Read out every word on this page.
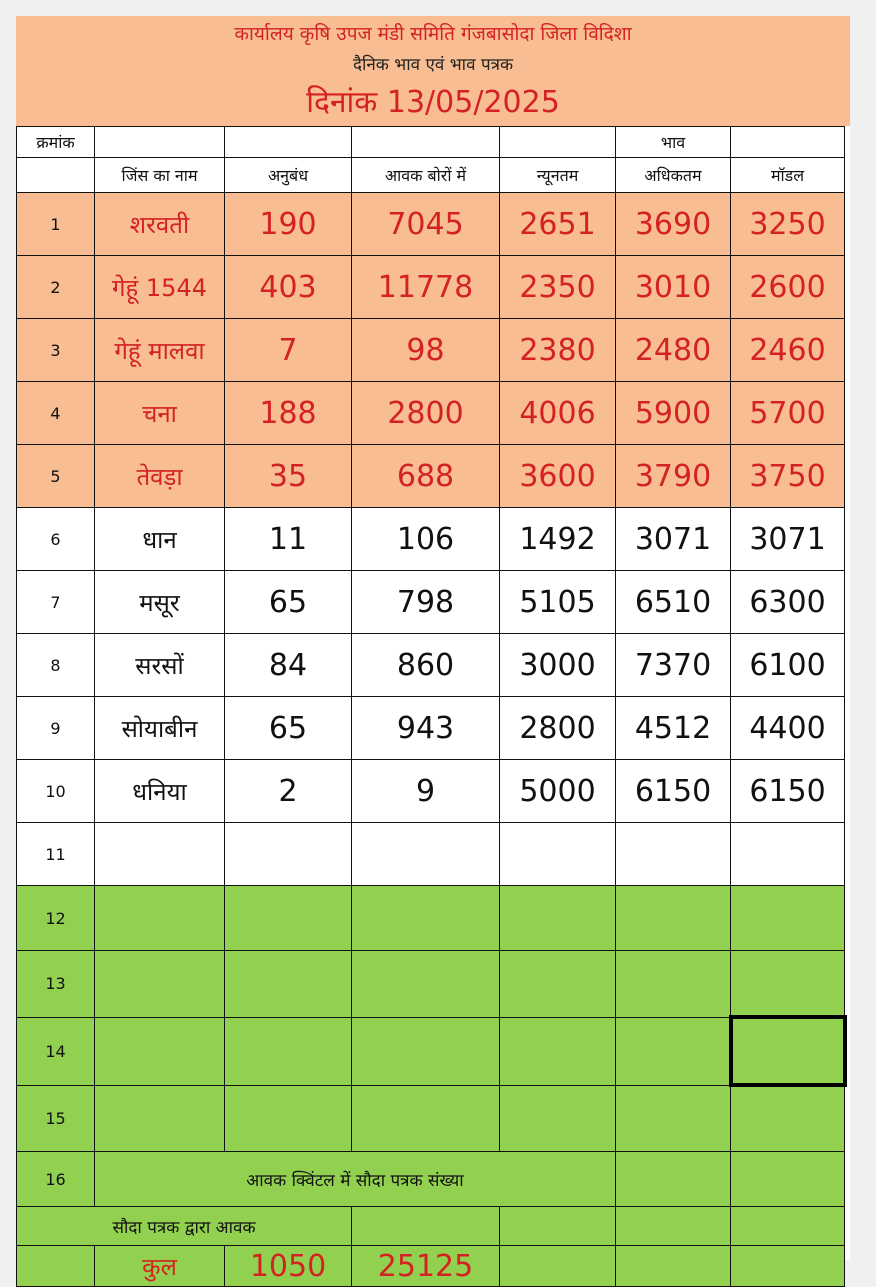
कार्यालय कृषि उपज मंडी समिति गंजबासोदा जिला विदिशा
दैनिक भाव एवं भाव पत्रक
दिनांक 13/05/2025
क्रमांक					भाव	
	जिंस का नाम	अनुबंध	आवक बोरों में	न्यूनतम	अधिकतम	मॉडल
1	शरवती	190	7045	2651	3690	3250
2	गेहूं 1544	403	11778	2350	3010	2600
3	गेहूं मालवा	7	98	2380	2480	2460
4	चना	188	2800	4006	5900	5700
5	तेवड़ा	35	688	3600	3790	3750
6	धान	11	106	1492	3071	3071
7	मसूर	65	798	5105	6510	6300
8	सरसों	84	860	3000	7370	6100
9	सोयाबीन	65	943	2800	4512	4400
10	धनिया	2	9	5000	6150	6150
11						
12						
13						
14						
15						
16	आवक क्विंटल में सौदा पत्रक संख्या					
सौदा पत्रक द्वारा आवक						
	कुल	1050	25125			
